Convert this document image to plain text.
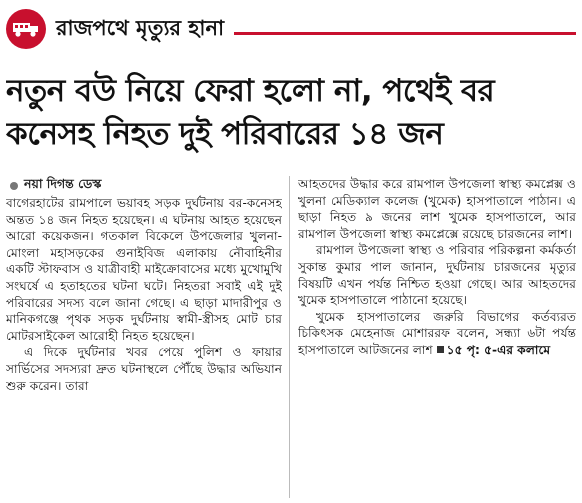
রাজপথে মৃত্যুর হানা
নতুন বউ নিয়ে ফেরা হলো না, পথেই বর
কনেসহ নিহত দুই পরিবারের ১৪ জন
নয়া দিগন্ত ডেস্ক

বাগেরহাটের রামপালে ভয়াবহ সড়ক দুর্ঘটনায় বর-কনেসহ অন্তত ১৪ জন নিহত হয়েছেন। এ ঘটনায় আহত হয়েছেন আরো কয়েকজন। গতকাল বিকেলে উপজেলার খুলনা-মোংলা মহাসড়কের গুনাইবিজ এলাকায় নৌবাহিনীর একটি স্টাফবাস ও যাত্রীবাহী মাইক্রোবাসের মধ্যে মুখোমুখি সংঘর্ষে এ হতাহতের ঘটনা ঘটে। নিহতরা সবাই এই দুই পরিবারের সদস্য বলে জানা গেছে। এ ছাড়া মাদারীপুর ও মানিকগঞ্জে পৃথক সড়ক দুর্ঘটনায় স্বামী-স্ত্রীসহ মোট চার মোটরসাইকেল আরোহী নিহত হয়েছেন।

এ দিকে দুর্ঘটনার খবর পেয়ে পুলিশ ও ফায়ার সার্ভিসের সদস্যরা দ্রুত ঘটনাস্থলে পৌঁছে উদ্ধার অভিযান শুরু করেন। তারা

আহতদের উদ্ধার করে রামপাল উপজেলা স্বাস্থ্য কমপ্লেক্স ও খুলনা মেডিক্যাল কলেজ (খুমেক) হাসপাতালে পাঠান। এ ছাড়া নিহত ৯ জনের লাশ খুমেক হাসপাতালে, আর রামপাল উপজেলা স্বাস্থ্য কমপ্লেক্সে রয়েছে চারজনের লাশ।

রামপাল উপজেলা স্বাস্থ্য ও পরিবার পরিকল্পনা কর্মকর্তা সুকান্ত কুমার পাল জানান, দুর্ঘটনায় চারজনের মৃত্যুর বিষয়টি এখন পর্যন্ত নিশ্চিত হওয়া গেছে। আর আহতদের খুমেক হাসপাতালে পাঠানো হয়েছে।

খুমেক হাসপাতালের জরুরি বিভাগের কর্তব্যরত চিকিৎসক মেহেনাজ মোশাররফ বলেন, সন্ধ্যা ৬টা পর্যন্ত হাসপাতালে আটজনের লাশ ১৫ পৃ: ৫-এর কলামে
